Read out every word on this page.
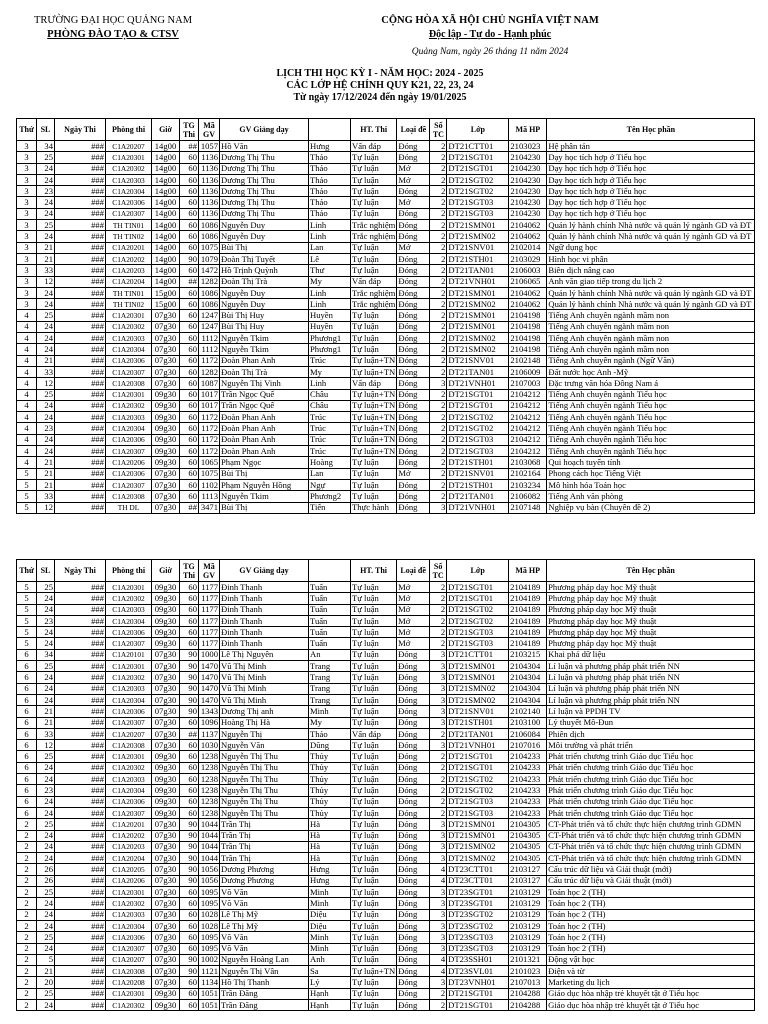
TRƯỜNG ĐẠI HỌC QUẢNG NAM
PHÒNG ĐÀO TẠO & CTSV
CỘNG HÒA XÃ HỘI CHỦ NGHĨA VIỆT NAM
Độc lập - Tự do - Hạnh phúc
Quảng Nam, ngày 26 tháng 11 năm 2024
LỊCH THI HỌC KỲ I - NĂM HỌC: 2024 - 2025
CÁC LỚP HỆ CHÍNH QUY K21, 22, 23, 24
Từ ngày 17/12/2024 đến ngày 19/01/2025
Thứ	SL	Ngày Thi	Phòng thi	Giờ	TG Thi	Mã GV	GV Giảng dạy		HT. Thi	Loại đề	Số TC	Lớp	Mã HP	Tên Học phần
3	34	###	C1A20207	14g00	##	1057	Hồ Văn	Hưng	Vấn đáp	Đóng	2	DT21CTT01	2103023	Hệ phân tán
3	25	###	C1A20301	14g00	60	1136	Dương Thị Thu	Thảo	Tự luận	Đóng	2	DT21SGT01	2104230	Dạy học tích hợp ở Tiểu học
3	24	###	C1A20302	14g00	60	1136	Dương Thị Thu	Thảo	Tự luận	Mở	2	DT21SGT01	2104230	Dạy học tích hợp ở Tiểu học
3	24	###	C1A20303	14g00	60	1136	Dương Thị Thu	Thảo	Tự luận	Mở	2	DT21SGT02	2104230	Dạy học tích hợp ở Tiểu học
3	23	###	C1A20304	14g00	60	1136	Dương Thị Thu	Thảo	Tự luận	Đóng	2	DT21SGT02	2104230	Dạy học tích hợp ở Tiểu học
3	24	###	C1A20306	14g00	60	1136	Dương Thị Thu	Thảo	Tự luận	Mở	2	DT21SGT03	2104230	Dạy học tích hợp ở Tiểu học
3	24	###	C1A20307	14g00	60	1136	Dương Thị Thu	Thảo	Tự luận	Đóng	2	DT21SGT03	2104230	Dạy học tích hợp ở Tiểu học
3	25	###	TH TIN01	14g00	60	1086	Nguyễn Duy	Linh	Trắc nghiệm	Đóng	2	DT21SMN01	2104062	Quản lý hành chính Nhà nước và quản lý ngành GD và ĐT
3	24	###	TH TIN02	14g00	60	1086	Nguyễn Duy	Linh	Trắc nghiệm	Đóng	2	DT21SMN02	2104062	Quản lý hành chính Nhà nước và quản lý ngành GD và ĐT
3	21	###	C1A20201	14g00	60	1075	Bùi Thị	Lan	Tự luận	Mở	2	DT21SNV01	2102014	Ngữ dụng học
3	21	###	C1A20202	14g00	90	1079	Đoàn Thị Tuyết	Lê	Tự luận	Đóng	2	DT21STH01	2103029	Hình học vi phân
3	33	###	C1A20203	14g00	60	1472	Hồ Trịnh Quỳnh	Thư	Tự luận	Đóng	2	DT21TAN01	2106003	Biên dịch nâng cao
3	12	###	C1A20204	14g00	##	1282	Đoàn Thị Trà	My	Vấn đáp	Đóng	2	DT21VNH01	2106065	Anh văn giao tiếp trong du lịch 2
3	24	###	TH TIN01	15g00	60	1086	Nguyễn Duy	Linh	Trắc nghiệm	Đóng	2	DT21SMN01	2104062	Quản lý hành chính Nhà nước và quản lý ngành GD và ĐT
3	24	###	TH TIN02	15g00	60	1086	Nguyễn Duy	Linh	Trắc nghiệm	Đóng	2	DT21SMN02	2104062	Quản lý hành chính Nhà nước và quản lý ngành GD và ĐT
4	25	###	C1A20301	07g30	60	1247	Bùi Thị Huy	Huyền	Tự luận	Đóng	2	DT21SMN01	2104198	Tiếng Anh chuyên ngành mầm non
4	24	###	C1A20302	07g30	60	1247	Bùi Thị Huy	Huyền	Tự luận	Đóng	2	DT21SMN01	2104198	Tiếng Anh chuyên ngành mầm non
4	24	###	C1A20303	07g30	60	1112	Nguyễn Tkim	Phương1	Tự luận	Đóng	2	DT21SMN02	2104198	Tiếng Anh chuyên ngành mầm non
4	24	###	C1A20304	07g30	60	1112	Nguyễn Tkim	Phương1	Tự luận	Đóng	2	DT21SMN02	2104198	Tiếng Anh chuyên ngành mầm non
4	21	###	C1A20306	07g30	60	1172	Đoàn Phan Anh	Trúc	Tự luận+TN	Đóng	2	DT21SNV01	2102148	Tiếng Anh chuyên ngành (Ngữ Văn)
4	33	###	C1A20307	07g30	60	1282	Đoàn Thị Trà	My	Tự luận+TN	Đóng	2	DT21TAN01	2106009	Đất nước học Anh -Mỹ
4	12	###	C1A20308	07g30	60	1087	Nguyễn Thị Vinh	Linh	Vấn đáp	Đóng	3	DT21VNH01	2107003	Đặc trưng văn hóa Đông Nam á
4	25	###	C1A20301	09g30	60	1017	Trần Ngọc Quế	Châu	Tự luận+TN	Đóng	2	DT21SGT01	2104212	Tiếng Anh chuyên ngành Tiểu học
4	24	###	C1A20302	09g30	60	1017	Trần Ngọc Quế	Châu	Tự luận+TN	Đóng	2	DT21SGT01	2104212	Tiếng Anh chuyên ngành Tiểu học
4	24	###	C1A20303	09g30	60	1172	Đoàn Phan Anh	Trúc	Tự luận+TN	Đóng	2	DT21SGT02	2104212	Tiếng Anh chuyên ngành Tiểu học
4	23	###	C1A20304	09g30	60	1172	Đoàn Phan Anh	Trúc	Tự luận+TN	Đóng	2	DT21SGT02	2104212	Tiếng Anh chuyên ngành Tiểu học
4	24	###	C1A20306	09g30	60	1172	Đoàn Phan Anh	Trúc	Tự luận+TN	Đóng	2	DT21SGT03	2104212	Tiếng Anh chuyên ngành Tiểu học
4	24	###	C1A20307	09g30	60	1172	Đoàn Phan Anh	Trúc	Tự luận+TN	Đóng	2	DT21SGT03	2104212	Tiếng Anh chuyên ngành Tiểu học
4	21	###	C1A20206	09g30	60	1065	Phạm Ngọc	Hoàng	Tự luận	Đóng	2	DT21STH01	2103068	Qui hoạch tuyến tính
5	21	###	C1A20306	07g30	60	1075	Bùi Thị	Lan	Tự luận	Mở	2	DT21SNV01	2102164	Phong cách học Tiếng Việt
5	21	###	C1A20307	07g30	60	1102	Phạm Nguyễn Hồng	Ngự	Tự luận	Đóng	2	DT21STH01	2103234	Mô hình hóa Toán học
5	33	###	C1A20308	07g30	60	1113	Nguyễn Tkim	Phương2	Tự luận	Đóng	2	DT21TAN01	2106082	Tiếng Anh văn phòng
5	12	###	TH DL	07g30	##	3471	Bùi Thị	Tiến	Thực hành	Đóng	3	DT21VNH01	2107148	Nghiệp vụ bàn (Chuyên đề 2)
Thứ	SL	Ngày Thi	Phòng thi	Giờ	TG Thi	Mã GV	GV Giảng dạy		HT. Thi	Loại đề	Số TC	Lớp	Mã HP	Tên Học phần
5	25	###	C1A20301	09g30	60	1177	Đinh Thanh	Tuấn	Tự luận	Mở	2	DT21SGT01	2104189	Phương pháp dạy học Mỹ thuật
5	24	###	C1A20302	09g30	60	1177	Đinh Thanh	Tuấn	Tự luận	Mở	2	DT21SGT01	2104189	Phương pháp dạy học Mỹ thuật
5	24	###	C1A20303	09g30	60	1177	Đinh Thanh	Tuấn	Tự luận	Mở	2	DT21SGT02	2104189	Phương pháp dạy học Mỹ thuật
5	23	###	C1A20304	09g30	60	1177	Đinh Thanh	Tuấn	Tự luận	Mở	2	DT21SGT02	2104189	Phương pháp dạy học Mỹ thuật
5	24	###	C1A20306	09g30	60	1177	Đinh Thanh	Tuấn	Tự luận	Mở	2	DT21SGT03	2104189	Phương pháp dạy học Mỹ thuật
5	24	###	C1A20307	09g30	60	1177	Đinh Thanh	Tuấn	Tự luận	Mở	2	DT21SGT03	2104189	Phương pháp dạy học Mỹ thuật
6	34	###	C1A20101	07g30	90	1000	Lê Thị Nguyên	An	Tự luận	Đóng	3	DT21CTT01	2103215	Khai phá dữ liệu
6	25	###	C1A20301	07g30	90	1470	Vũ Thị Minh	Trang	Tự luận	Đóng	3	DT21SMN01	2104304	Lí luận và phương pháp phát triển NN
6	24	###	C1A20302	07g30	90	1470	Vũ Thị Minh	Trang	Tự luận	Đóng	3	DT21SMN01	2104304	Lí luận và phương pháp phát triển NN
6	24	###	C1A20303	07g30	90	1470	Vũ Thị Minh	Trang	Tự luận	Đóng	3	DT21SMN02	2104304	Lí luận và phương pháp phát triển NN
6	24	###	C1A20304	07g30	90	1470	Vũ Thị Minh	Trang	Tự luận	Đóng	3	DT21SMN02	2104304	Lí luận và phương pháp phát triển NN
6	21	###	C1A20306	07g30	90	1343	Dương Thị anh	Minh	Tự luận	Đóng	3	DT21SNV01	2102140	Lí luận và PPDH TV
6	21	###	C1A20307	07g30	60	1096	Hoàng Thị Hà	My	Tự luận	Đóng	3	DT21STH01	2103100	Lý thuyết Mô-Đun
6	33	###	C1A20207	07g30	##	1137	Nguyễn Thị	Thảo	Vấn đáp	Đóng	2	DT21TAN01	2106084	Phiên dịch
6	12	###	C1A20308	07g30	60	1030	Nguyễn Văn	Dũng	Tự luận	Đóng	3	DT21VNH01	2107016	Môi trường và phát triển
6	25	###	C1A20301	09g30	60	1238	Nguyễn Thị Thu	Thủy	Tự luận	Đóng	2	DT21SGT01	2104233	Phát triển chương trình Giáo dục Tiểu học
6	24	###	C1A20302	09g30	60	1238	Nguyễn Thị Thu	Thủy	Tự luận	Đóng	2	DT21SGT01	2104233	Phát triển chương trình Giáo dục Tiểu học
6	24	###	C1A20303	09g30	60	1238	Nguyễn Thị Thu	Thủy	Tự luận	Đóng	2	DT21SGT02	2104233	Phát triển chương trình Giáo dục Tiểu học
6	23	###	C1A20304	09g30	60	1238	Nguyễn Thị Thu	Thủy	Tự luận	Đóng	2	DT21SGT02	2104233	Phát triển chương trình Giáo dục Tiểu học
6	24	###	C1A20306	09g30	60	1238	Nguyễn Thị Thu	Thủy	Tự luận	Đóng	2	DT21SGT03	2104233	Phát triển chương trình Giáo dục Tiểu học
6	24	###	C1A20307	09g30	60	1238	Nguyễn Thị Thu	Thủy	Tự luận	Đóng	2	DT21SGT03	2104233	Phát triển chương trình Giáo dục Tiểu học
2	25	###	C1A20201	07g30	90	1044	Trần Thị	Hà	Tự luận	Đóng	3	DT21SMN01	2104305	CT-Phát triển và tổ chức thực hiện chương trình GDMN
2	24	###	C1A20202	07g30	90	1044	Trần Thị	Hà	Tự luận	Đóng	3	DT21SMN01	2104305	CT-Phát triển và tổ chức thực hiện chương trình GDMN
2	24	###	C1A20203	07g30	90	1044	Trần Thị	Hà	Tự luận	Đóng	3	DT21SMN02	2104305	CT-Phát triển và tổ chức thực hiện chương trình GDMN
2	24	###	C1A20204	07g30	90	1044	Trần Thị	Hà	Tự luận	Đóng	3	DT21SMN02	2104305	CT-Phát triển và tổ chức thực hiện chương trình GDMN
2	26	###	C1A20205	07g30	90	1056	Dương Phương	Hưng	Tự luận	Đóng	4	DT23CTT01	2103127	Cấu trúc dữ liệu và Giải thuật (mới)
2	26	###	C1A20206	07g30	90	1056	Dương Phương	Hưng	Tự luận	Đóng	4	DT23CTT01	2103127	Cấu trúc dữ liệu và Giải thuật (mới)
2	25	###	C1A20301	07g30	60	1095	Võ Văn	Minh	Tự luận	Đóng	3	DT23SGT01	2103129	Toán học 2 (TH)
2	24	###	C1A20302	07g30	60	1095	Võ Văn	Minh	Tự luận	Đóng	3	DT23SGT01	2103129	Toán học 2 (TH)
2	24	###	C1A20303	07g30	60	1028	Lê Thị Mỹ	Diệu	Tự luận	Đóng	3	DT23SGT02	2103129	Toán học 2 (TH)
2	24	###	C1A20304	07g30	60	1028	Lê Thị Mỹ	Diệu	Tự luận	Đóng	3	DT23SGT02	2103129	Toán học 2 (TH)
2	25	###	C1A20306	07g30	60	1095	Võ Văn	Minh	Tự luận	Đóng	3	DT23SGT03	2103129	Toán học 2 (TH)
2	24	###	C1A20307	07g30	60	1095	Võ Văn	Minh	Tự luận	Đóng	3	DT23SGT03	2103129	Toán học 2 (TH)
2	5	###	C1A20207	07g30	90	1002	Nguyễn Hoàng Lan	Anh	Tự luận	Đóng	4	DT23SSH01	2101321	Động vật học
2	21	###	C1A20308	07g30	90	1121	Nguyễn Thị Vân	Sa	Tự luận+TN	Đóng	4	DT23SVL01	2101023	Điện và từ
2	20	###	C1A20208	07g30	60	1134	Hồ Thị Thanh	Lý	Tự luận	Đóng	3	DT23VNH01	2107013	Marketing du lịch
2	25	###	C1A20301	09g30	60	1051	Trần Đăng	Hạnh	Tự luận	Đóng	2	DT21SGT01	2104288	Giáo dục hòa nhập trẻ khuyết tật ở Tiểu học
2	24	###	C1A20302	09g30	60	1051	Trần Đăng	Hạnh	Tự luận	Đóng	2	DT21SGT01	2104288	Giáo dục hòa nhập trẻ khuyết tật ở Tiểu học
